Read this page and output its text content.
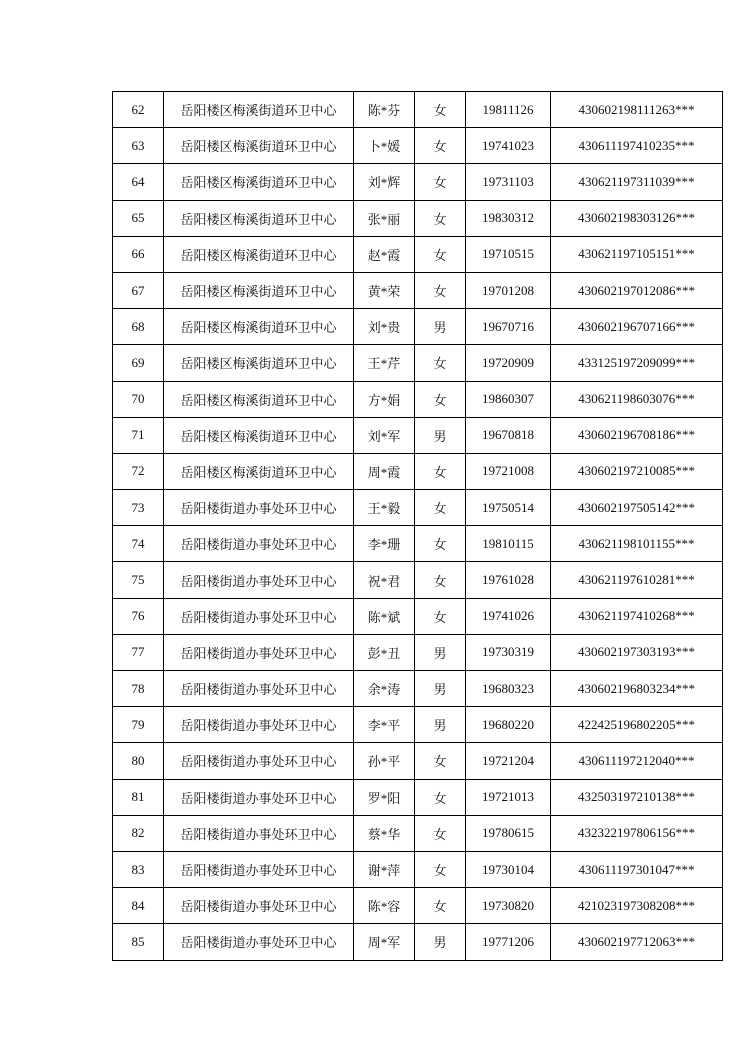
62	岳阳楼区梅溪街道环卫中心	陈*芬	女	19811126	430602198111263***
63	岳阳楼区梅溪街道环卫中心	卜*媛	女	19741023	430611197410235***
64	岳阳楼区梅溪街道环卫中心	刘*辉	女	19731103	430621197311039***
65	岳阳楼区梅溪街道环卫中心	张*丽	女	19830312	430602198303126***
66	岳阳楼区梅溪街道环卫中心	赵*霞	女	19710515	430621197105151***
67	岳阳楼区梅溪街道环卫中心	黄*荣	女	19701208	430602197012086***
68	岳阳楼区梅溪街道环卫中心	刘*贵	男	19670716	430602196707166***
69	岳阳楼区梅溪街道环卫中心	王*芹	女	19720909	433125197209099***
70	岳阳楼区梅溪街道环卫中心	方*娟	女	19860307	430621198603076***
71	岳阳楼区梅溪街道环卫中心	刘*军	男	19670818	430602196708186***
72	岳阳楼区梅溪街道环卫中心	周*霞	女	19721008	430602197210085***
73	岳阳楼街道办事处环卫中心	王*毅	女	19750514	430602197505142***
74	岳阳楼街道办事处环卫中心	李*珊	女	19810115	430621198101155***
75	岳阳楼街道办事处环卫中心	祝*君	女	19761028	430621197610281***
76	岳阳楼街道办事处环卫中心	陈*斌	女	19741026	430621197410268***
77	岳阳楼街道办事处环卫中心	彭*丑	男	19730319	430602197303193***
78	岳阳楼街道办事处环卫中心	余*涛	男	19680323	430602196803234***
79	岳阳楼街道办事处环卫中心	李*平	男	19680220	422425196802205***
80	岳阳楼街道办事处环卫中心	孙*平	女	19721204	430611197212040***
81	岳阳楼街道办事处环卫中心	罗*阳	女	19721013	432503197210138***
82	岳阳楼街道办事处环卫中心	蔡*华	女	19780615	432322197806156***
83	岳阳楼街道办事处环卫中心	谢*萍	女	19730104	430611197301047***
84	岳阳楼街道办事处环卫中心	陈*容	女	19730820	421023197308208***
85	岳阳楼街道办事处环卫中心	周*军	男	19771206	430602197712063***
